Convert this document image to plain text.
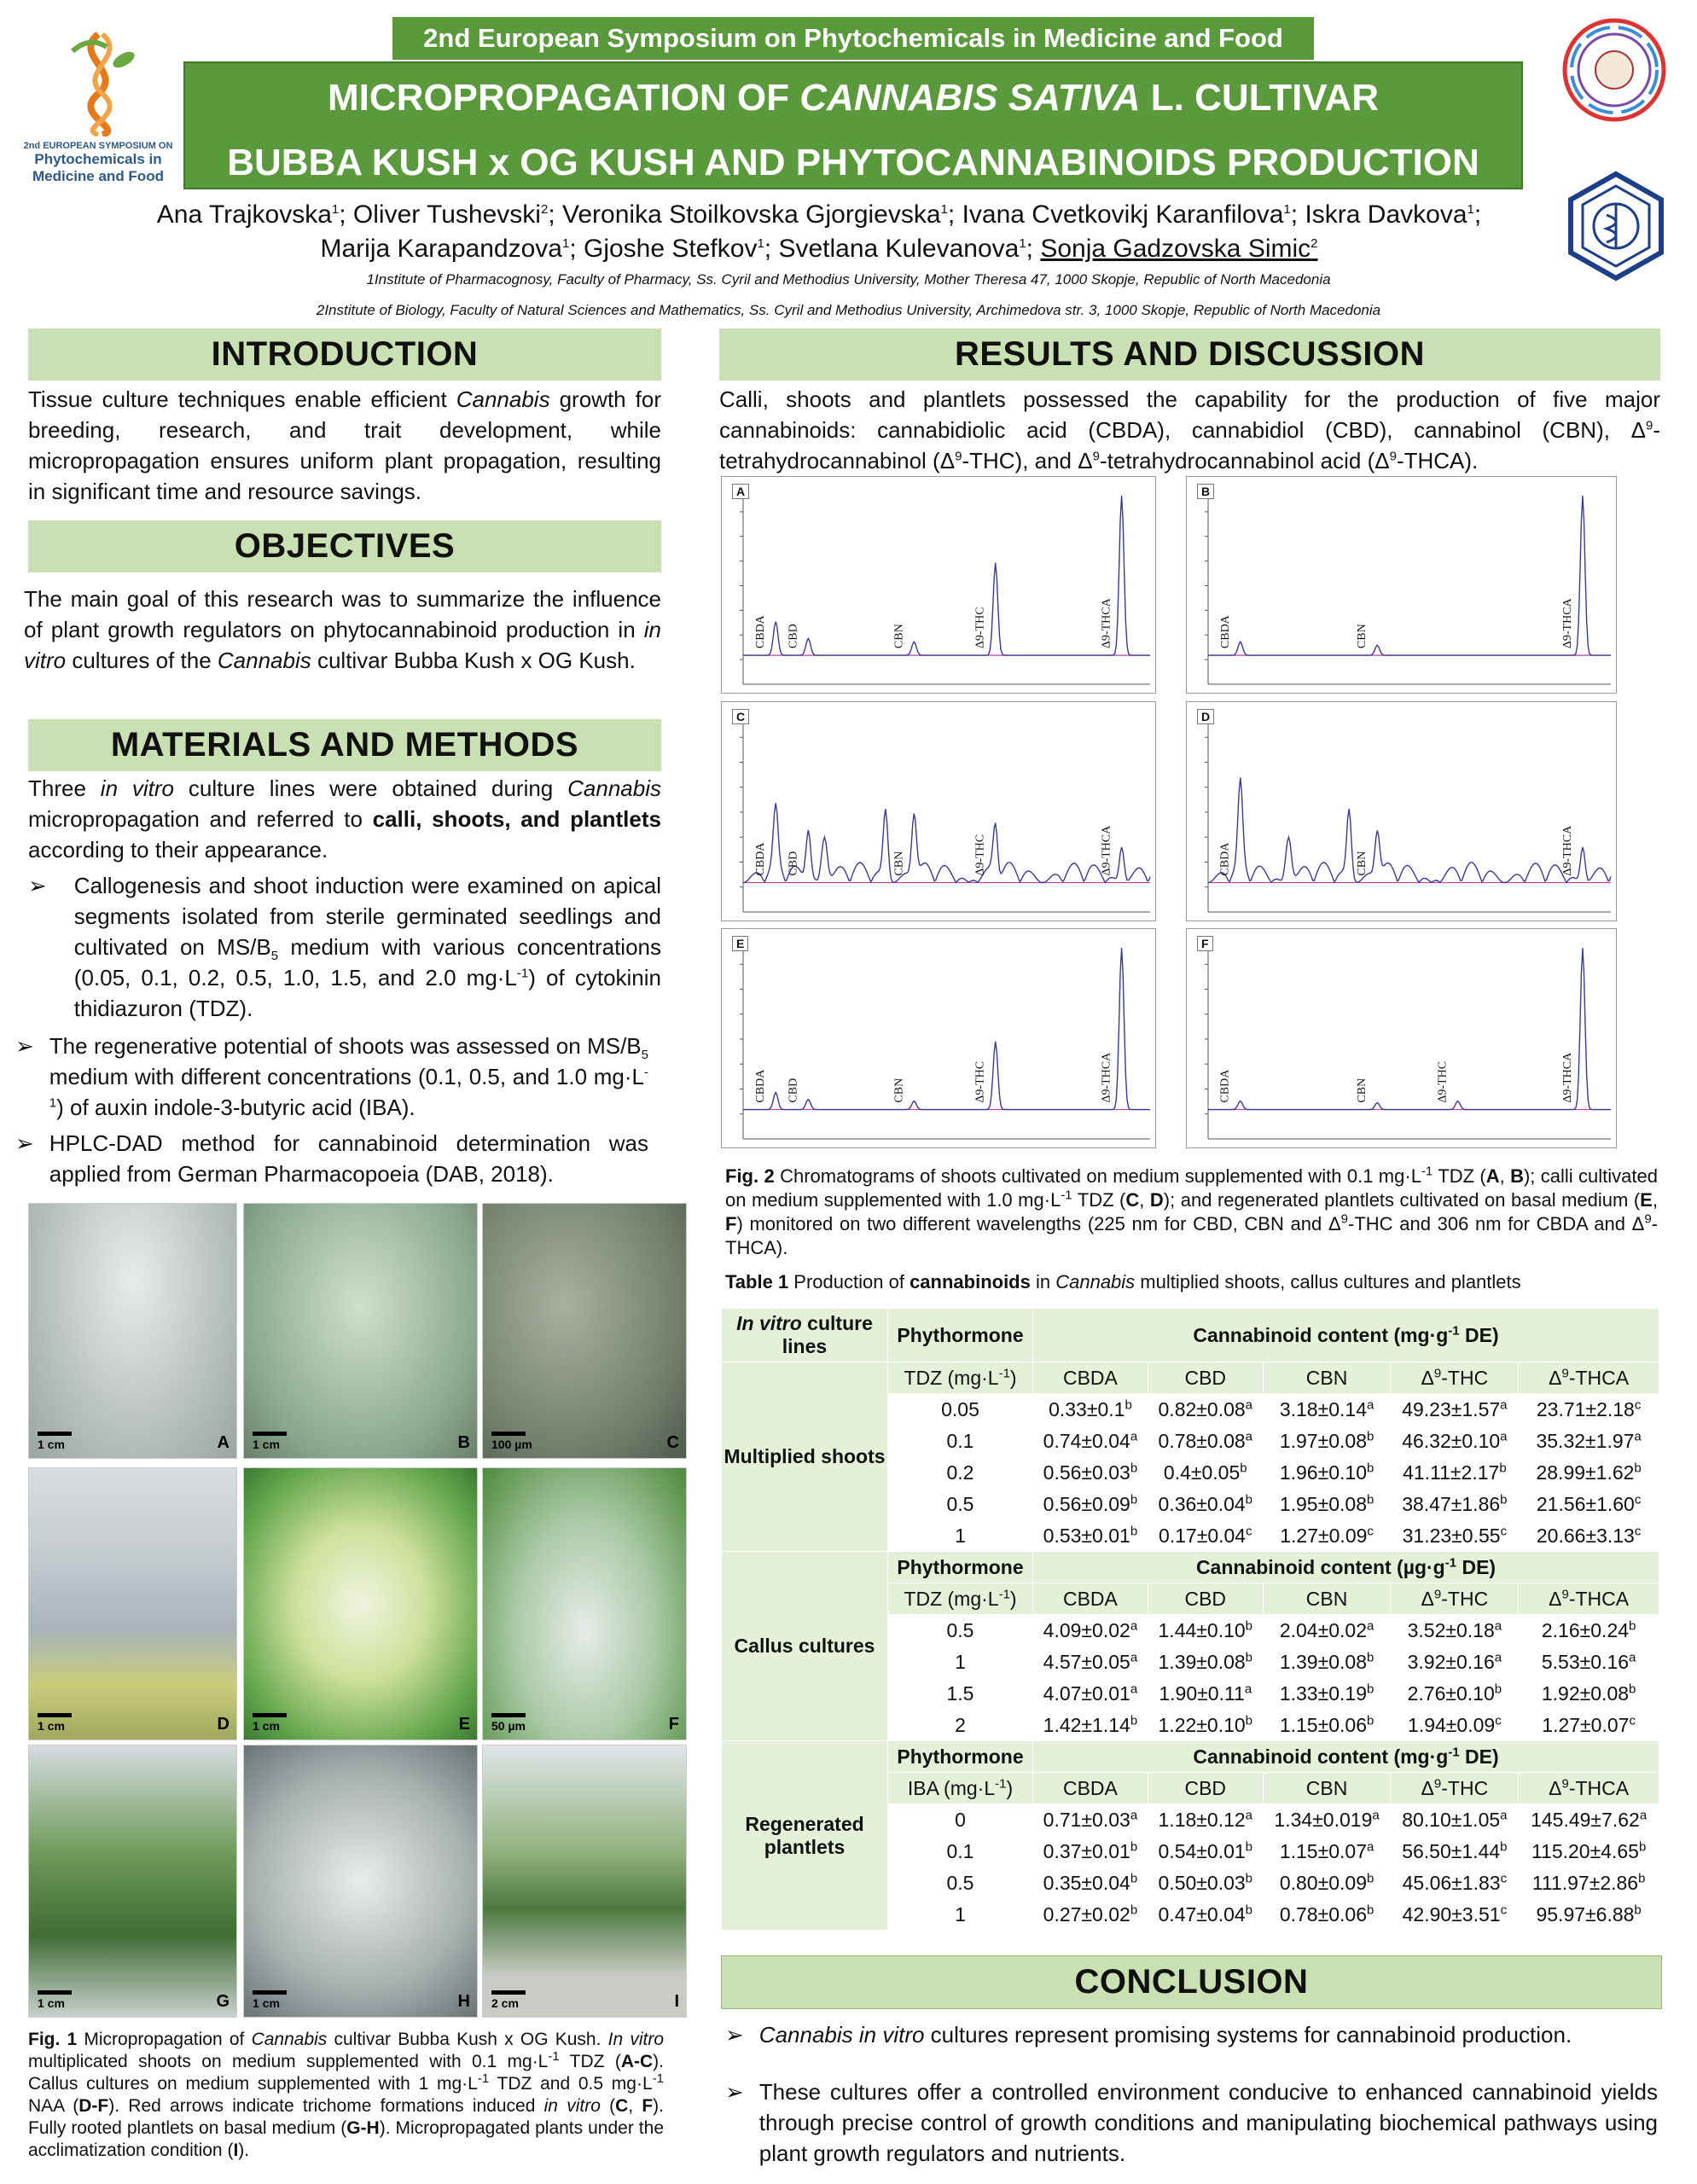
2nd European Symposium on Phytochemicals in Medicine and Food
2nd EUROPEAN SYMPOSIUM ON
Phytochemicals in
Medicine and Food
MICROPROPAGATION OF CANNABIS SATIVA L. CULTIVAR
BUBBA KUSH x OG KUSH AND PHYTOCANNABINOIDS PRODUCTION
Ana Trajkovska$^1$; Oliver Tushevski$^2$; Veronika Stoilkovska Gjorgievska$^1$; Ivana Cvetkovikj Karanfilova$^1$; Iskra Davkova$^1$;
Marija Karapandzova$^1$; Gjoshe Stefkov$^1$; Svetlana Kulevanova$^1$; Sonja Gadzovska Simic$^2$
1Institute of Pharmacognosy, Faculty of Pharmacy, Ss. Cyril and Methodius University, Mother Theresa 47, 1000 Skopje, Republic of North Macedonia
2Institute of Biology, Faculty of Natural Sciences and Mathematics, Ss. Cyril and Methodius University, Archimedova str. 3, 1000 Skopje, Republic of North Macedonia
INTRODUCTION
Tissue culture techniques enable efficient Cannabis growth for breeding, research, and trait development, while micropropagation ensures uniform plant propagation, resulting in significant time and resource savings.
OBJECTIVES
The main goal of this research was to summarize the influence of plant growth regulators on phytocannabinoid production in in vitro cultures of the Cannabis cultivar Bubba Kush x OG Kush.
MATERIALS AND METHODS
Three in vitro culture lines were obtained during Cannabis micropropagation and referred to calli, shoots, and plantlets according to their appearance.
➢	Callogenesis and shoot induction were examined on apical segments isolated from sterile germinated seedlings and cultivated on $MS/B_5$ medium with various concentrations (0.05, 0.1, 0.2, 0.5, 1.0, 1.5, and 2.0 $mg\cdot L^{-1}$) of cytokinin thidiazuron (TDZ).
➢ The regenerative potential of shoots was assessed on $MS/B_5$ medium with different concentrations (0.1, 0.5, and 1.0 $mg\cdot L^{-1}$) of auxin indole-3-butyric acid (IBA).
➢ HPLC-DAD method for cannabinoid determination was applied from German Pharmacopoeia (DAB, 2018).
A
1 cm	B
1 cm	C
100 µm
D
1 cm	E
1 cm	F
50 µm
G
1 cm	H
1 cm	I
2 cm
Fig. 1 Micropropagation of Cannabis cultivar Bubba Kush x OG Kush. In vitro multiplicated shoots on medium supplemented with 0.1 $mg\cdot L^{-1}$ TDZ (A-C). Callus cultures on medium supplemented with 1 $mg\cdot L^{-1}$ TDZ and 0.5 $mg\cdot L^{-1}$ NAA (D-F). Red arrows indicate trichome formations induced in vitro (C, F). Fully rooted plantlets on basal medium (G-H). Micropropagated plants under the acclimatization condition (I).
RESULTS AND DISCUSSION
Calli, shoots and plantlets possessed the capability for the production of five major cannabinoids: cannabidiolic acid (CBDA), cannabidiol (CBD), cannabinol (CBN), $\Delta^9$-tetrahydrocannabinol $(\Delta^9-THC)$, and $\Delta^9$-tetrahydrocannabinol acid $(\Delta^9-THCA)$.
CBDA CBD	CBN	Δ9-THC	Δ9-THCA
A
CBDA	CBN	Δ9-THCA
B
CBDA CBD	CBN	Δ9-THC	Δ9-THCA
C
CBDA	CBN	Δ9-THCA
D
CBDA CBD	CBN	Δ9-THC	Δ9-THCA
E
CBDA	CBN	Δ9-THC	Δ9-THCA
F
Fig. 2 Chromatograms of shoots cultivated on medium supplemented with 0.1 $mg\cdot L^{-1}$ TDZ (A, B); calli cultivated on medium supplemented with 1.0 $mg\cdot L^{-1}$ TDZ (C, D); and regenerated plantlets cultivated on basal medium (E, F) monitored on two different wavelengths (225 nm for CBD, CBN and $\Delta^9$-THC and 306 nm for CBDA and $\Delta^9-THCA$).
Table 1 Production of cannabinoids in Cannabis multiplied shoots, callus cultures and plantlets
In vitro culture lines	Phythormone	Cannabinoid content ($mg\cdot g^{-1}$ DE)				
Multiplied shoots	TDZ $(mg\cdot L^{-1})$	CBDA	CBD	CBN	$\Delta^9$-THC	$\Delta^9$-THCA
	0.05	0.33±0.1$^b$	0.82±0.08$^a$	3.18±0.14$^a$	49.23±1.57$^a$	23.71±2.18$^c$
	0.1	0.74±0.04$^a$	0.78±0.08$^a$	1.97±0.08$^b$	46.32±0.10$^a$	35.32±1.97$^a$
	0.2	0.56±0.03$^b$	0.4±0.05$^b$	1.96±0.10$^b$	41.11±2.17$^b$	28.99±1.62$^b$
	0.5	0.56±0.09$^b$	0.36±0.04$^b$	1.95±0.08$^b$	38.47±1.86$^b$	21.56±1.60$^c$
	1	0.53±0.01$^b$	0.17±0.04$^c$	1.27±0.09$^c$	31.23±0.55$^c$	20.66±3.13$^c$
Callus cultures	Phythormone	Cannabinoid content ($\mu g\cdot g^{-1}$ DE)				
	TDZ $(mg\cdot L^{-1})$	CBDA	CBD	CBN	$\Delta^9$-THC	$\Delta^9$-THCA
	0.5	4.09±0.02$^a$	1.44±0.10$^b$	2.04±0.02$^a$	3.52±0.18$^a$	2.16±0.24$^b$
	1	4.57±0.05$^a$	1.39±0.08$^b$	1.39±0.08$^b$	3.92±0.16$^a$	5.53±0.16$^a$
	1.5	4.07±0.01$^a$	1.90±0.11$^a$	1.33±0.19$^b$	2.76±0.10$^b$	1.92±0.08$^b$
	2	1.42±1.14$^b$	1.22±0.10$^b$	1.15±0.06$^b$	1.94±0.09$^c$	1.27±0.07$^c$
Regenerated plantlets	Phythormone	Cannabinoid content ($mg\cdot g^{-1}$ DE)				
	IBA $(mg\cdot L^{-1})$	CBDA	CBD	CBN	$\Delta^9$-THC	$\Delta^9$-THCA
	0	0.71±0.03$^a$	1.18±0.12$^a$	1.34±0.019$^a$	80.10±1.05$^a$	145.49±7.62$^a$
	0.1	0.37±0.01$^b$	0.54±0.01$^b$	1.15±0.07$^a$	56.50±1.44$^b$	115.20±4.65$^b$
	0.5	0.35±0.04$^b$	0.50±0.03$^b$	0.80±0.09$^b$	45.06±1.83$^c$	111.97±2.86$^b$
	1	0.27±0.02$^b$	0.47±0.04$^b$	0.78±0.06$^b$	42.90±3.51$^c$	95.97±6.88$^b$
CONCLUSION
➢ Cannabis in vitro cultures represent promising systems for cannabinoid production.
➢ These cultures offer a controlled environment conducive to enhanced cannabinoid yields through precise control of growth conditions and manipulating biochemical pathways using plant growth regulators and nutrients.
